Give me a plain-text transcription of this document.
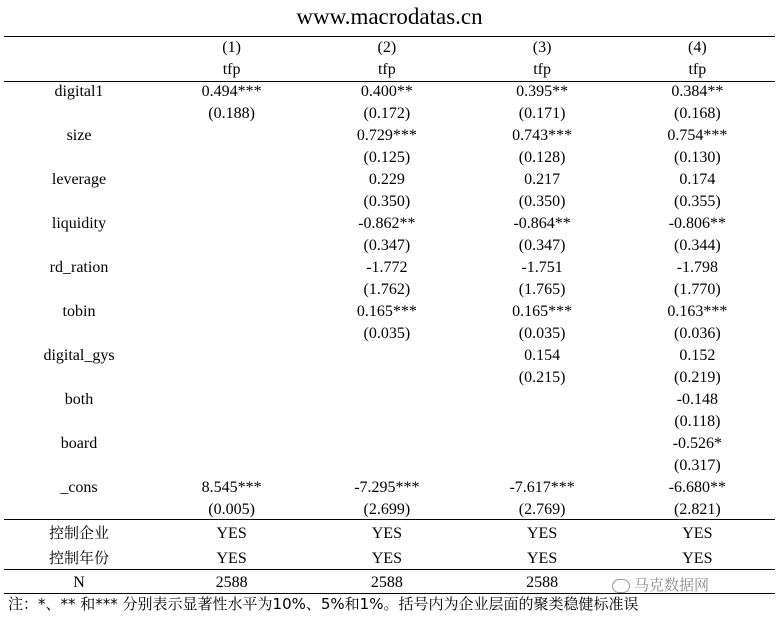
www.macrodatas.cn
	(1)	(2)	(3)	(4)
	tfp	tfp	tfp	tfp
digital1	0.494***	0.400**	0.395**	0.384**
	(0.188)	(0.172)	(0.171)	(0.168)
size		0.729***	0.743***	0.754***
		(0.125)	(0.128)	(0.130)
leverage		0.229	0.217	0.174
		(0.350)	(0.350)	(0.355)
liquidity		-0.862**	-0.864**	-0.806**
		(0.347)	(0.347)	(0.344)
rd_ration		-1.772	-1.751	-1.798
		(1.762)	(1.765)	(1.770)
tobin		0.165***	0.165***	0.163***
		(0.035)	(0.035)	(0.036)
digital_gys			0.154	0.152
			(0.215)	(0.219)
both				-0.148
				(0.118)
board				-0.526*
				(0.317)
_cons	8.545***	-7.295***	-7.617***	-6.680**
	(0.005)	(2.699)	(2.769)	(2.821)
控制企业	YES	YES	YES	YES
控制年份	YES	YES	YES	YES
N	2588	2588	2588		马克数据网
注：*、** 和*** 分别表示显著性水平为10%、5%和1%。括号内为企业层面的聚类稳健标准误
